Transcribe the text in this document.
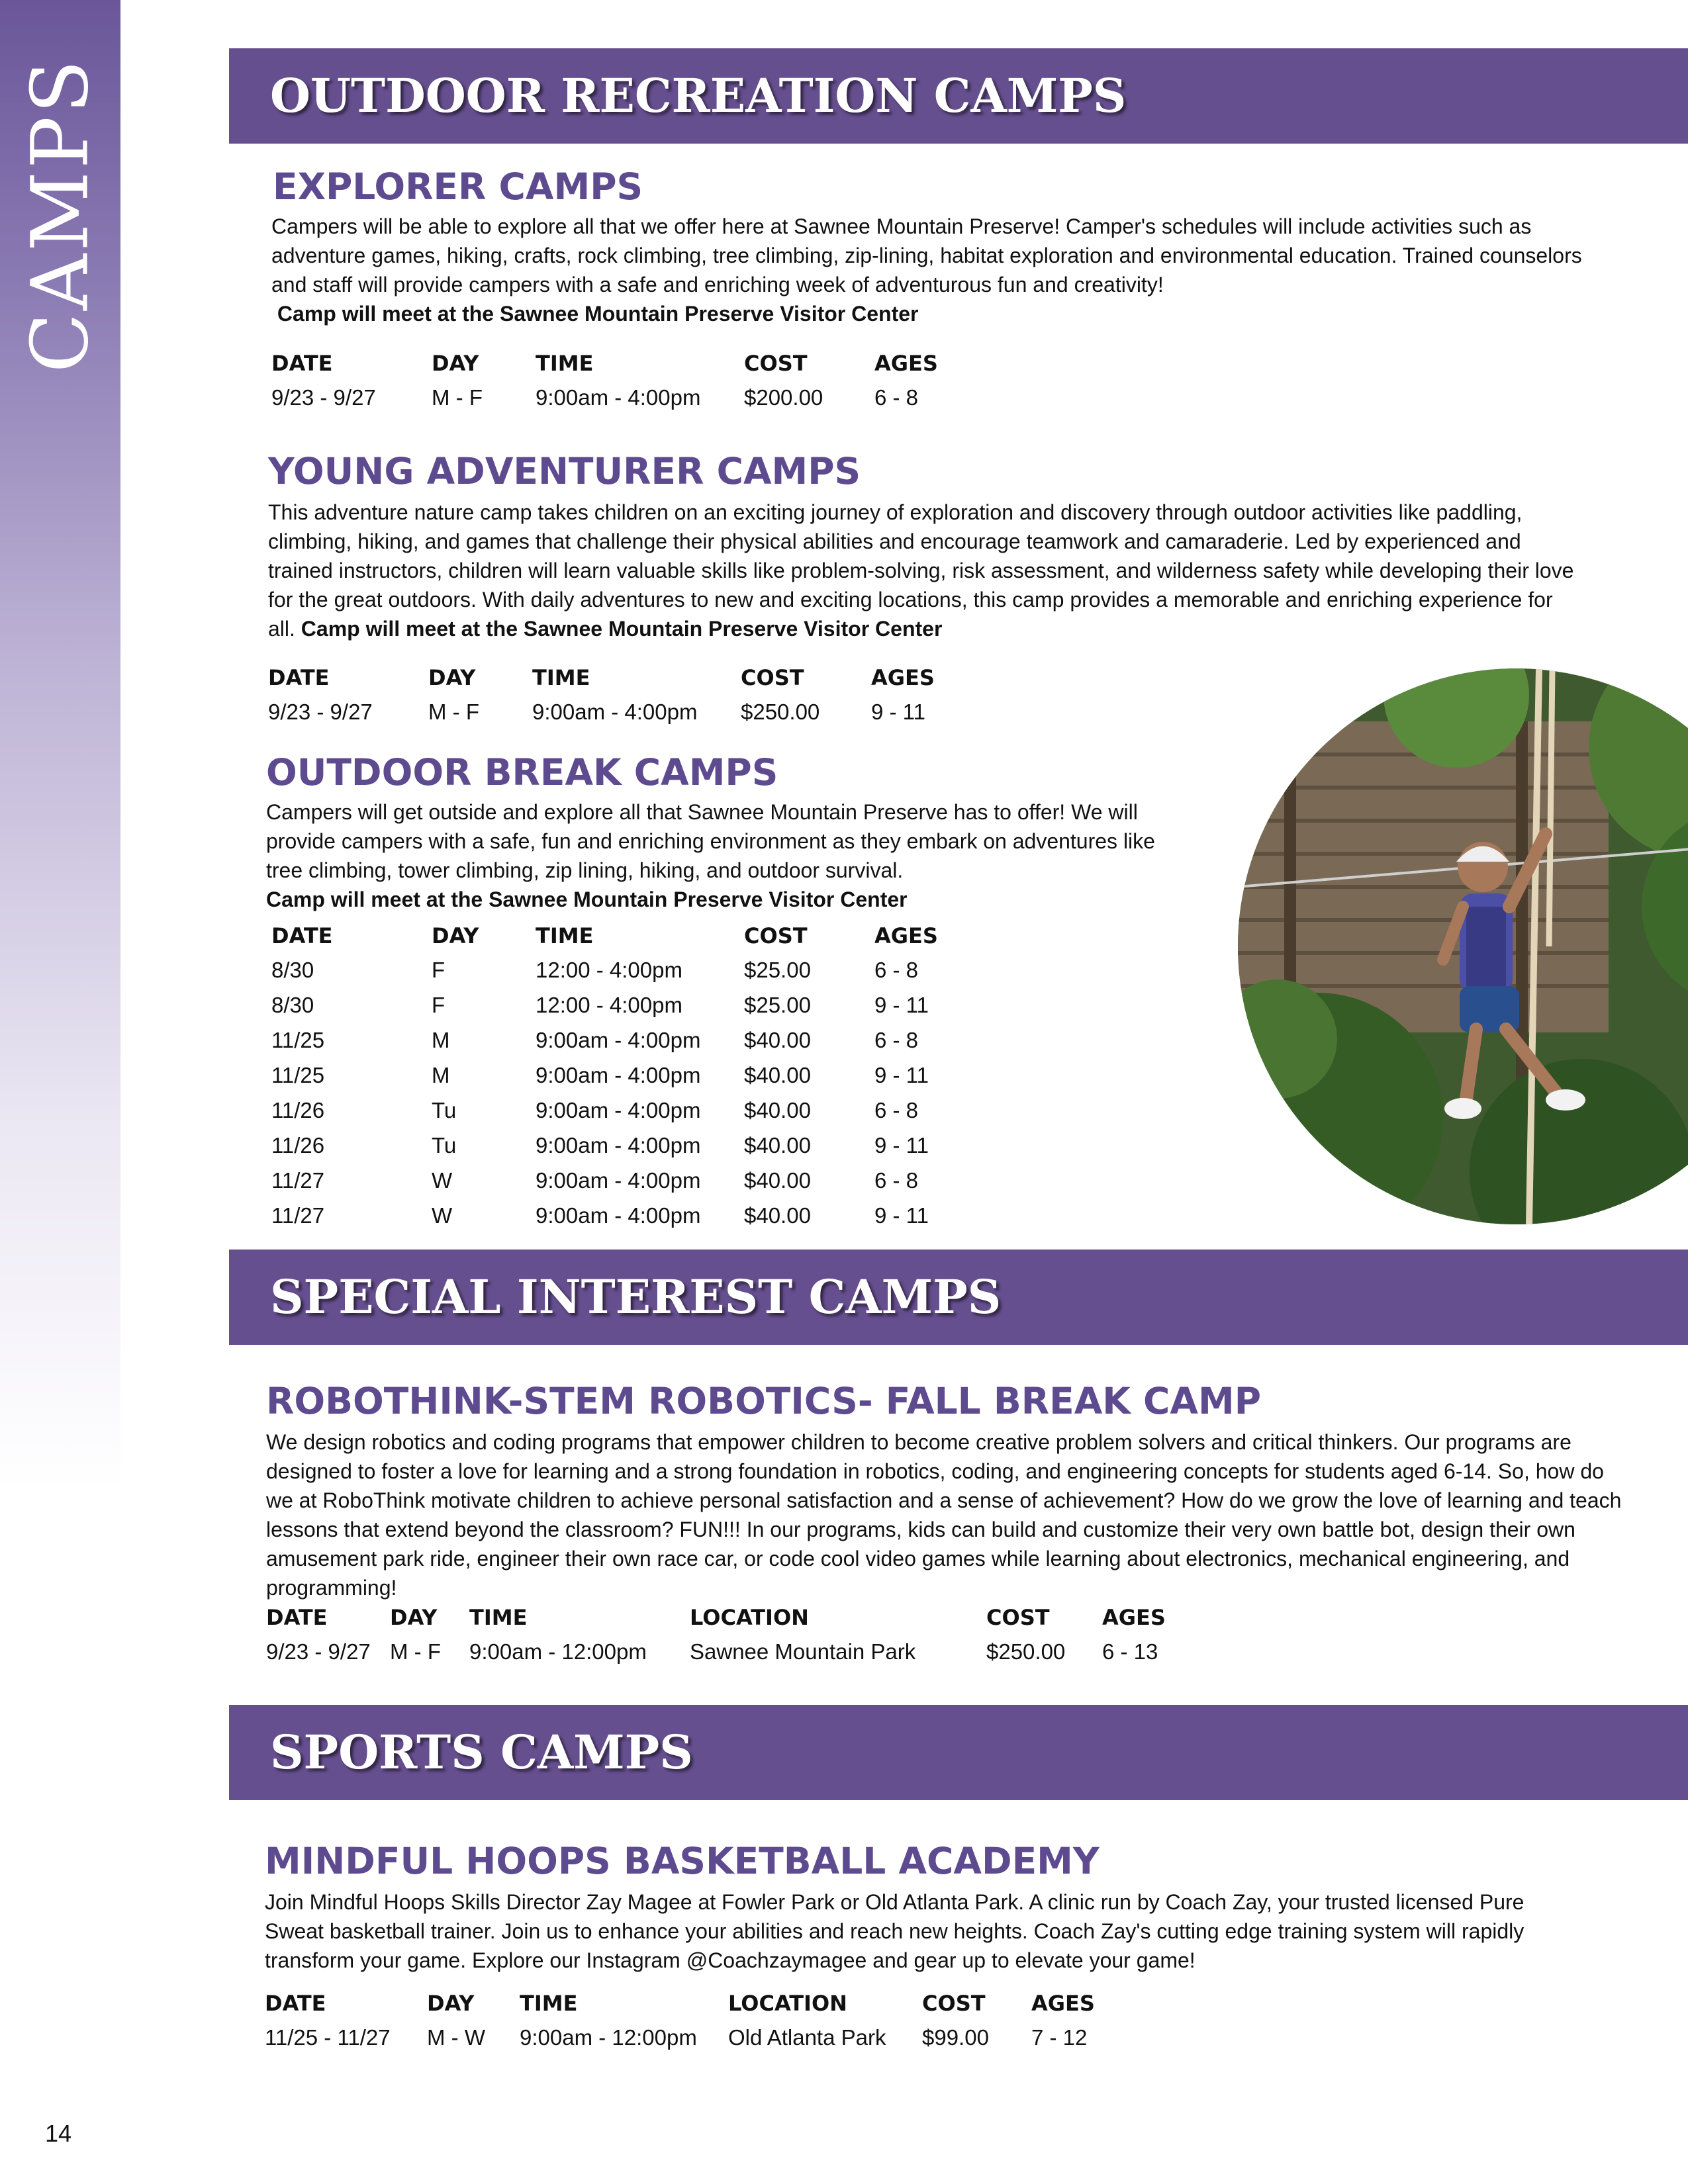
CAMPS	OUTDOOR RECREATION CAMPS
EXPLORER CAMPS

Campers will be able to explore all that we offer here at Sawnee Mountain Preserve! Camper's schedules will include activities such as adventure games, hiking, crafts, rock climbing, tree climbing, zip-lining, habitat exploration and environmental education. Trained counselors and staff will provide campers with a safe and enriching week of adventurous fun and creativity!
Camp will meet at the Sawnee Mountain Preserve Visitor Center

DATE	DAY	TIME	COST	AGES
9/23 - 9/27	M - F	9:00am - 4:00pm	$200.00	6 - 8
YOUNG ADVENTURER CAMPS

This adventure nature camp takes children on an exciting journey of exploration and discovery through outdoor activities like paddling, climbing, hiking, and games that challenge their physical abilities and encourage teamwork and camaraderie. Led by experienced and trained instructors, children will learn valuable skills like problem-solving, risk assessment, and wilderness safety while developing their love for the great outdoors. With daily adventures to new and exciting locations, this camp provides a memorable and enriching experience for all. Camp will meet at the Sawnee Mountain Preserve Visitor Center

DATE	DAY	TIME	COST	AGES
9/23 - 9/27	M - F	9:00am - 4:00pm	$250.00	9 - 11
OUTDOOR BREAK CAMPS

Campers will get outside and explore all that Sawnee Mountain Preserve has to offer! We will provide campers with a safe, fun and enriching environment as they embark on adventures like tree climbing, tower climbing, zip lining, hiking, and outdoor survival.
Camp will meet at the Sawnee Mountain Preserve Visitor Center

DATE	DAY	TIME	COST	AGES
8/30	F	12:00 - 4:00pm	$25.00	6 - 8
8/30	F	12:00 - 4:00pm	$25.00	9 - 11
11/25	M	9:00am - 4:00pm	$40.00	6 - 8
11/25	M	9:00am - 4:00pm	$40.00	9 - 11
11/26	Tu	9:00am - 4:00pm	$40.00	6 - 8
11/26	Tu	9:00am - 4:00pm	$40.00	9 - 11
11/27	W	9:00am - 4:00pm	$40.00	6 - 8
11/27	W	9:00am - 4:00pm	$40.00	9 - 11
SPECIAL INTEREST CAMPS
ROBOTHINK-STEM ROBOTICS- FALL BREAK CAMP

We design robotics and coding programs that empower children to become creative problem solvers and critical thinkers. Our programs are designed to foster a love for learning and a strong foundation in robotics, coding, and engineering concepts for students aged 6-14. So, how do we at RoboThink motivate children to achieve personal satisfaction and a sense of achievement? How do we grow the love of learning and teach lessons that extend beyond the classroom? FUN!!! In our programs, kids can build and customize their very own battle bot, design their own amusement park ride, engineer their own race car, or code cool video games while learning about electronics, mechanical engineering, and programming!

DATE	DAY	TIME	LOCATION	COST	AGES
9/23 - 9/27	M - F	9:00am - 12:00pm	Sawnee Mountain Park	$250.00	6 - 13
SPORTS CAMPS
MINDFUL HOOPS BASKETBALL ACADEMY

Join Mindful Hoops Skills Director Zay Magee at Fowler Park or Old Atlanta Park. A clinic run by Coach Zay, your trusted licensed Pure Sweat basketball trainer. Join us to enhance your abilities and reach new heights. Coach Zay's cutting edge training system will rapidly transform your game. Explore our Instagram @Coachzaymagee and gear up to elevate your game!

DATE	DAY	TIME	LOCATION	COST	AGES
11/25 - 11/27	M - W	9:00am - 12:00pm	Old Atlanta Park	$99.00	7 - 12
14
